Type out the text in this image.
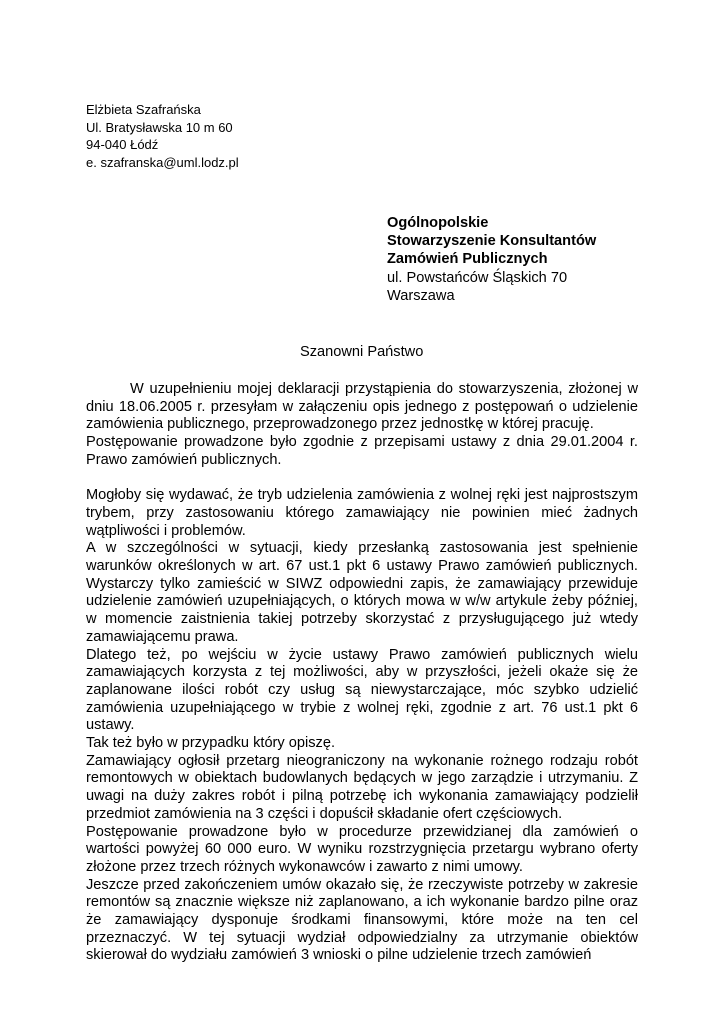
Elżbieta Szafrańska
Ul. Bratysławska 10 m 60
94-040 Łódź
e. szafranska@uml.lodz.pl
Ogólnopolskie
Stowarzyszenie Konsultantów
Zamówień Publicznych
ul. Powstańców Śląskich 70
Warszawa
Szanowni Państwo

W uzupełnieniu mojej deklaracji przystąpienia do stowarzyszenia, złożonej w dniu 18.06.2005 r. przesyłam w załączeniu opis jednego z postępowań o udzielenie zamówienia publicznego, przeprowadzonego przez jednostkę w której pracuję.

Postępowanie prowadzone było zgodnie z przepisami ustawy z dnia 29.01.2004 r. Prawo zamówień publicznych.

Mogłoby się wydawać, że tryb udzielenia zamówienia z wolnej ręki jest najprostszym trybem, przy zastosowaniu którego zamawiający nie powinien mieć żadnych wątpliwości i problemów.

A w szczególności w sytuacji, kiedy przesłanką zastosowania jest spełnienie warunków określonych w art. 67 ust.1 pkt 6 ustawy Prawo zamówień publicznych. Wystarczy tylko zamieścić w SIWZ odpowiedni zapis, że zamawiający przewiduje udzielenie zamówień uzupełniających, o których mowa w w/w artykule żeby później, w momencie zaistnienia takiej potrzeby skorzystać z przysługującego już wtedy zamawiającemu prawa.

Dlatego też, po wejściu w życie ustawy Prawo zamówień publicznych wielu zamawiających korzysta z tej możliwości, aby w przyszłości, jeżeli okaże się że zaplanowane ilości robót czy usług są niewystarczające, móc szybko udzielić zamówienia uzupełniającego w trybie z wolnej ręki, zgodnie z art. 76 ust.1 pkt 6 ustawy.

Tak też było w przypadku który opiszę.

Zamawiający ogłosił przetarg nieograniczony na wykonanie rożnego rodzaju robót remontowych w obiektach budowlanych będących w jego zarządzie i utrzymaniu. Z uwagi na duży zakres robót i pilną potrzebę ich wykonania zamawiający podzielił przedmiot zamówienia na 3 części i dopuścił składanie ofert częściowych.

Postępowanie prowadzone było w procedurze przewidzianej dla zamówień o wartości powyżej 60 000 euro. W wyniku rozstrzygnięcia przetargu wybrano oferty złożone przez trzech różnych wykonawców i zawarto z nimi umowy.

Jeszcze przed zakończeniem umów okazało się, że rzeczywiste potrzeby w zakresie remontów są znacznie większe niż zaplanowano, a ich wykonanie bardzo pilne oraz że zamawiający dysponuje środkami finansowymi, które może na ten cel przeznaczyć. W tej sytuacji wydział odpowiedzialny za utrzymanie obiektów skierował do wydziału zamówień 3 wnioski o pilne udzielenie trzech zamówień
